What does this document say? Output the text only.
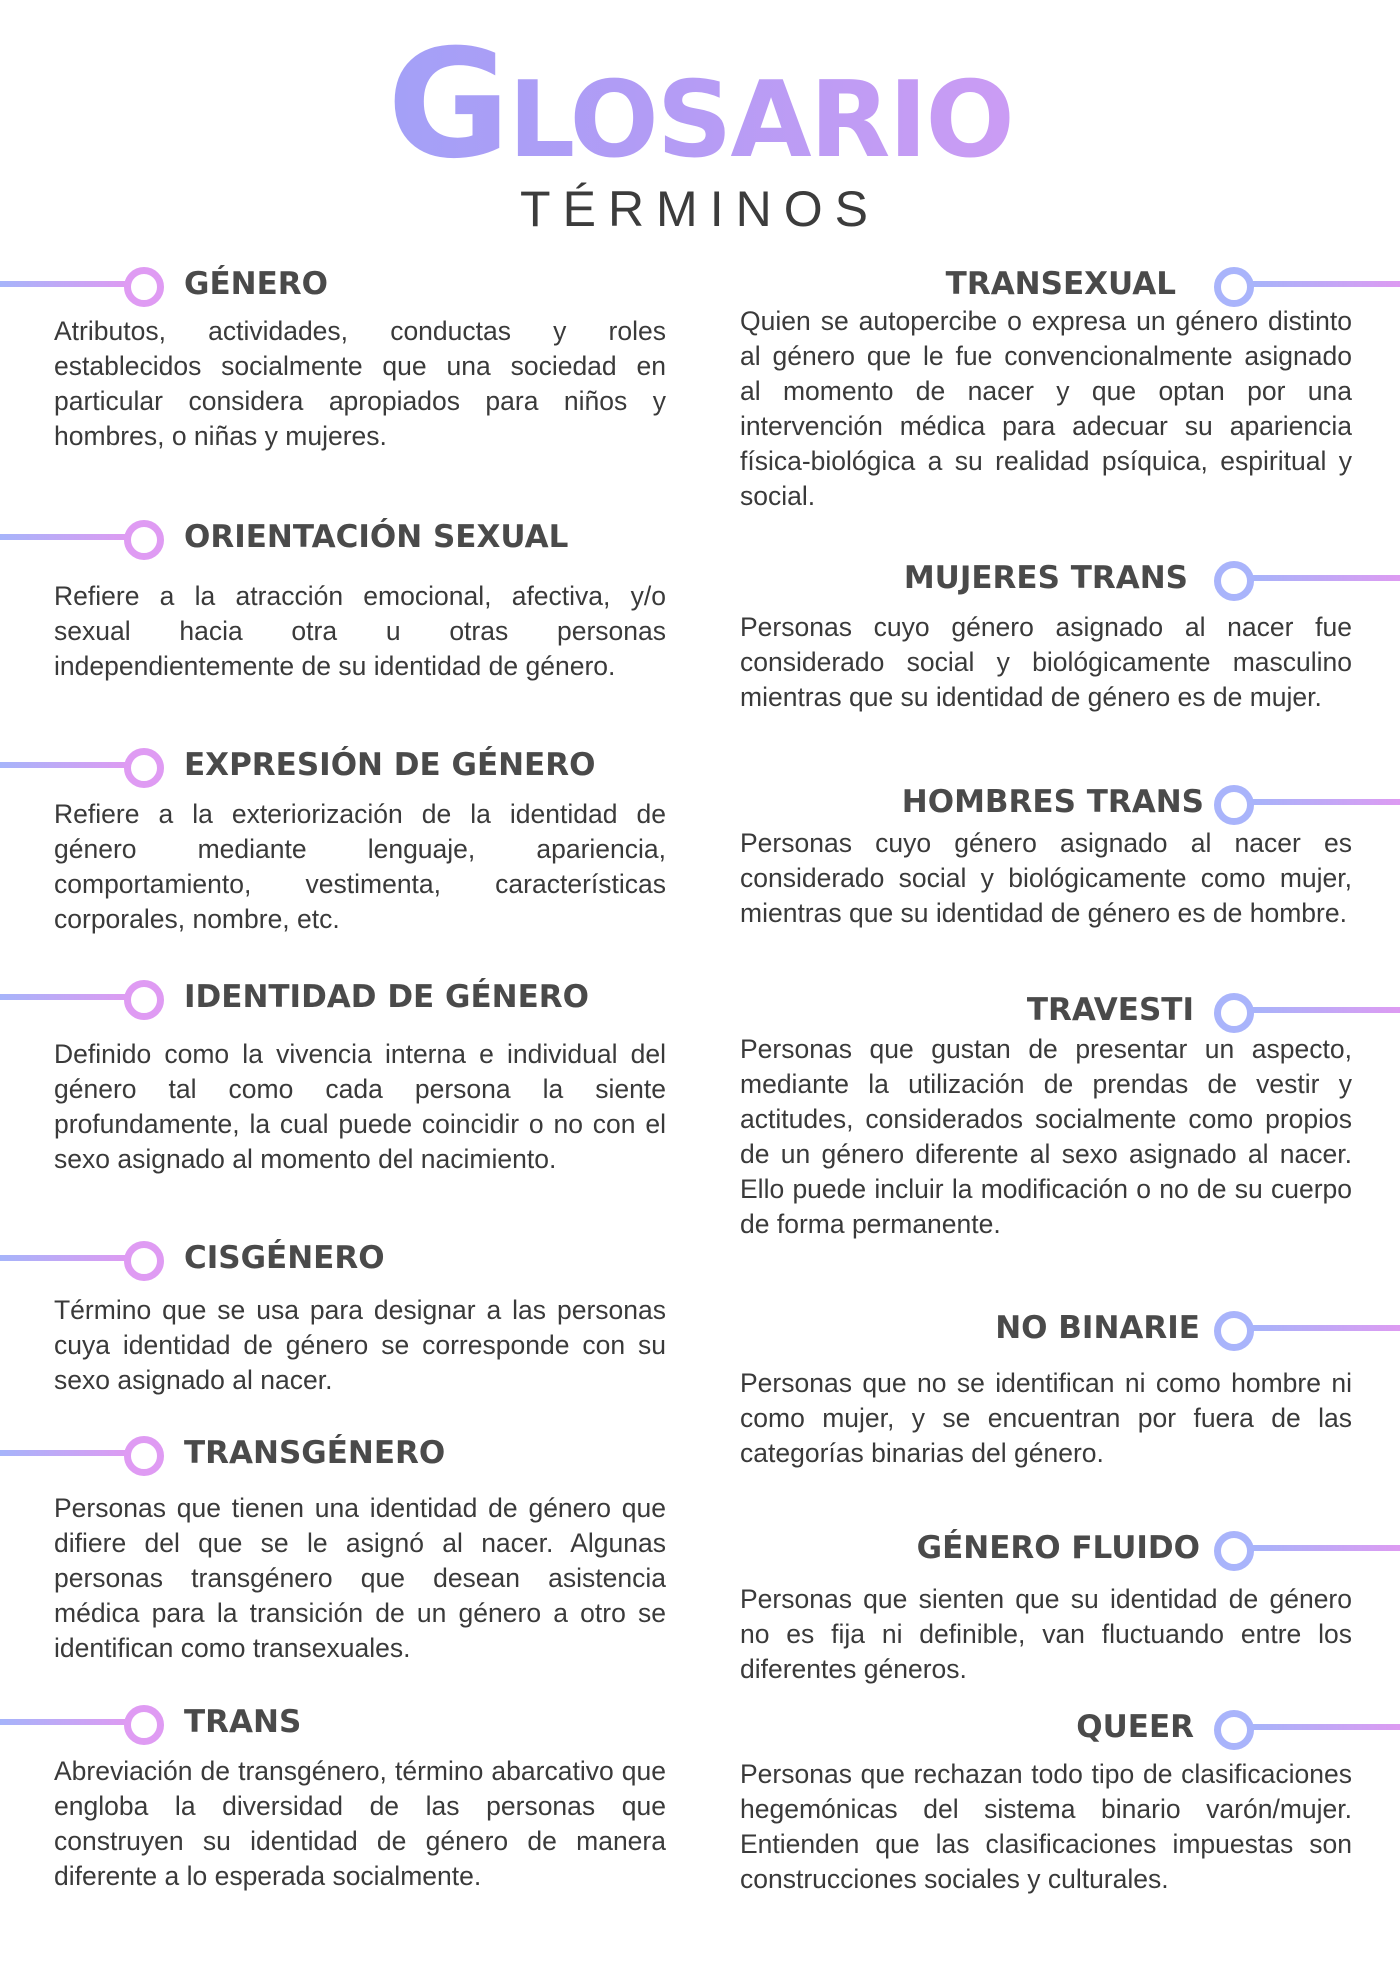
Glosario
TÉRMINOS
GÉNERO

Atributos, actividades, conductas y roles establecidos socialmente que una sociedad en particular considera apropiados para niños y hombres, o niñas y mujeres.

ORIENTACIÓN SEXUAL

Refiere a la atracción emocional, afectiva, y/o sexual hacia otra u otras personas independientemente de su identidad de género.

EXPRESIÓN DE GÉNERO

Refiere a la exteriorización de la identidad de género mediante lenguaje, apariencia, comportamiento, vestimenta, características corporales, nombre, etc.

IDENTIDAD DE GÉNERO

Definido como la vivencia interna e individual del género tal como cada persona la siente profundamente, la cual puede coincidir o no con el sexo asignado al momento del nacimiento.

CISGÉNERO

Término que se usa para designar a las personas cuya identidad de género se corresponde con su sexo asignado al nacer.

TRANSGÉNERO

Personas que tienen una identidad de género que difiere del que se le asignó al nacer. Algunas personas transgénero que desean asistencia médica para la transición de un género a otro se identifican como transexuales.

TRANS

Abreviación de transgénero, término abarcativo que engloba la diversidad de las personas que construyen su identidad de género de manera diferente a lo esperada socialmente.

TRANSEXUAL

Quien se autopercibe o expresa un género distinto al género que le fue convencionalmente asignado al momento de nacer y que optan por una intervención médica para adecuar su apariencia física-biológica a su realidad psíquica, espiritual y social.

MUJERES TRANS

Personas cuyo género asignado al nacer fue considerado social y biológicamente masculino mientras que su identidad de género es de mujer.

HOMBRES TRANS

Personas cuyo género asignado al nacer es considerado social y biológicamente como mujer, mientras que su identidad de género es de hombre.

TRAVESTI

Personas que gustan de presentar un aspecto, mediante la utilización de prendas de vestir y actitudes, considerados socialmente como propios de un género diferente al sexo asignado al nacer. Ello puede incluir la modificación o no de su cuerpo de forma permanente.

NO BINARIE

Personas que no se identifican ni como hombre ni como mujer, y se encuentran por fuera de las categorías binarias del género.

GÉNERO FLUIDO

Personas que sienten que su identidad de género no es fija ni definible, van fluctuando entre los diferentes géneros.

QUEER

Personas que rechazan todo tipo de clasificaciones hegemónicas del sistema binario varón/mujer. Entienden que las clasificaciones impuestas son construcciones sociales y culturales.
